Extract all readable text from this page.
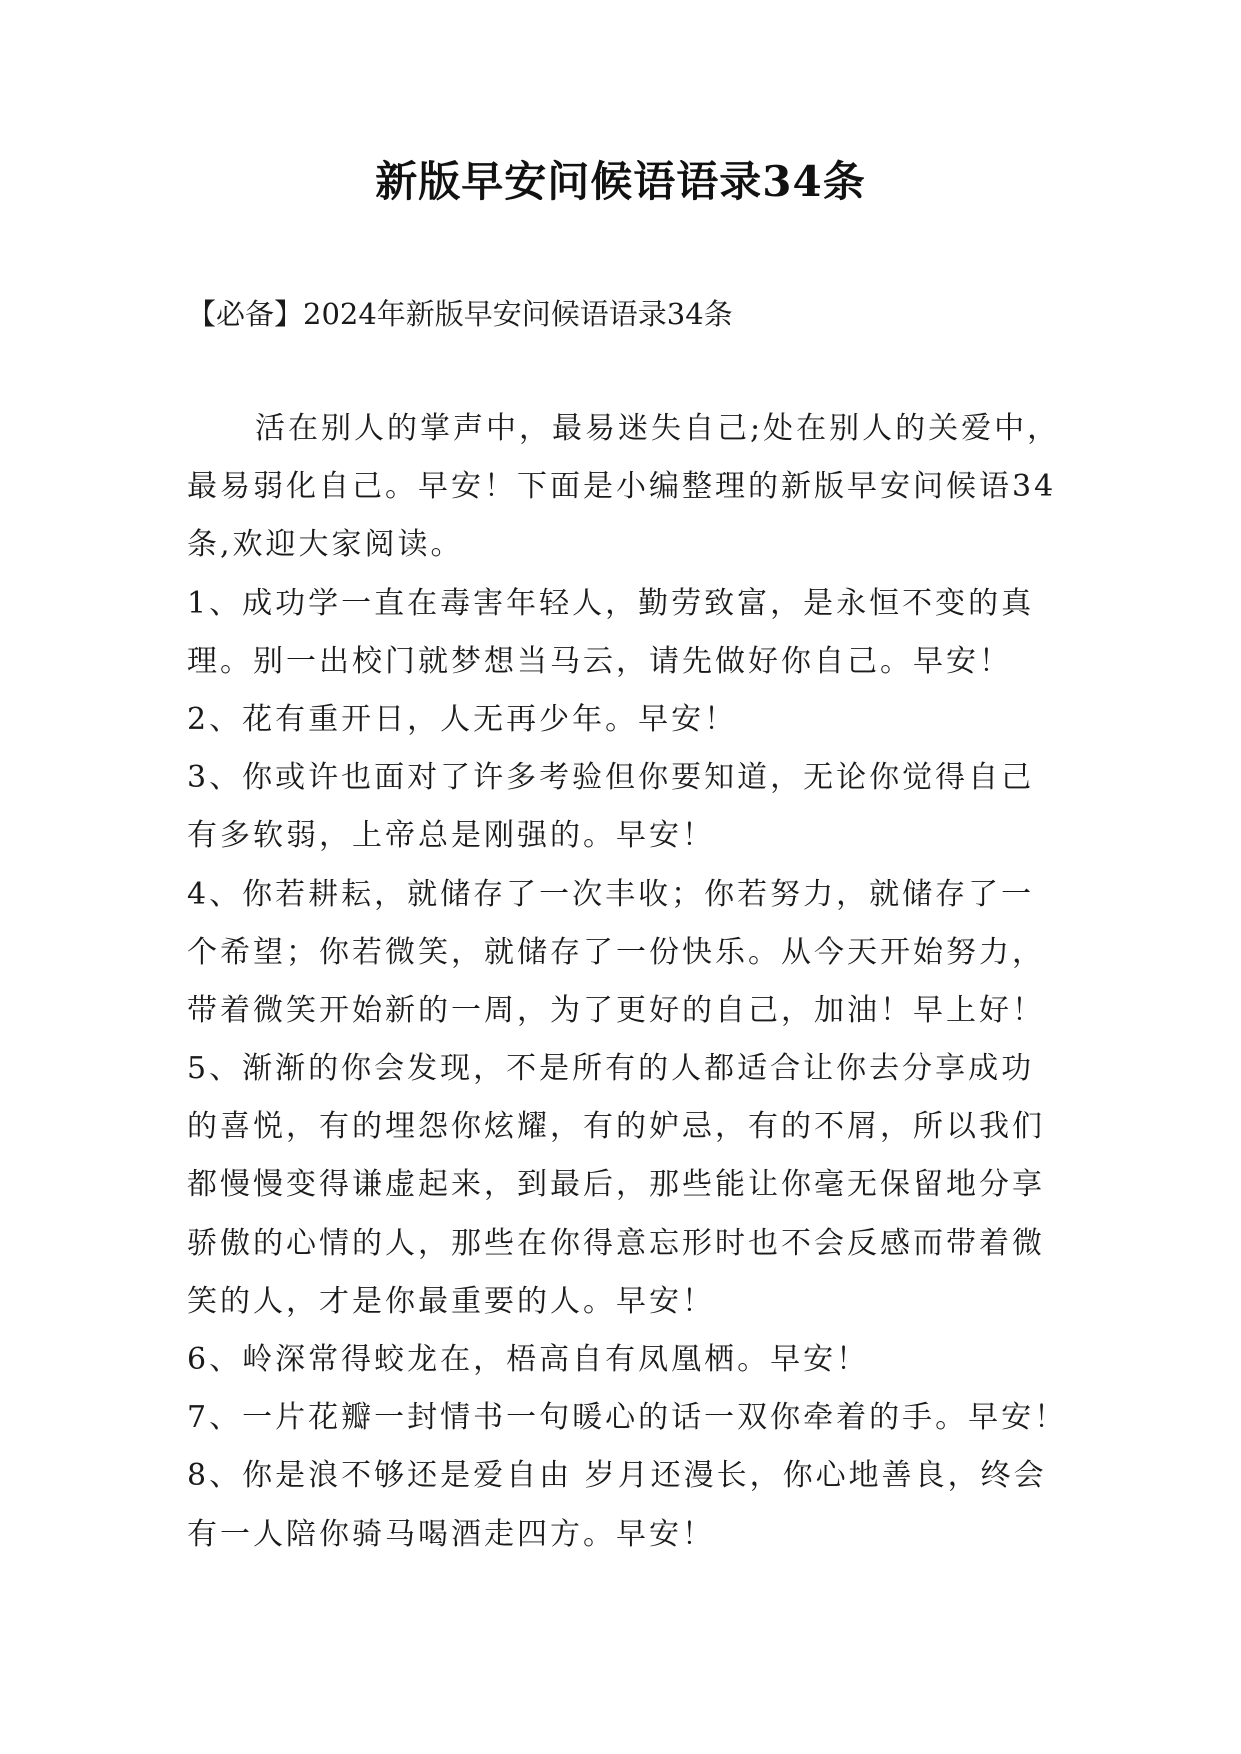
新版早安问候语语录34条

【必备】2024年新版早安问候语语录34条

活在别人的掌声中，最易迷失自己;处在别人的关爱中，
最易弱化自己。早安！下面是小编整理的新版早安问候语34
条,欢迎大家阅读。
1、成功学一直在毒害年轻人，勤劳致富，是永恒不变的真
理。别一出校门就梦想当马云，请先做好你自己。早安！
2、花有重开日，人无再少年。早安！
3、你或许也面对了许多考验但你要知道，无论你觉得自己
有多软弱，上帝总是刚强的。早安！
4、你若耕耘，就储存了一次丰收；你若努力，就储存了一
个希望；你若微笑，就储存了一份快乐。从今天开始努力，
带着微笑开始新的一周，为了更好的自己，加油！早上好！
5、渐渐的你会发现，不是所有的人都适合让你去分享成功
的喜悦，有的埋怨你炫耀，有的妒忌，有的不屑，所以我们
都慢慢变得谦虚起来，到最后，那些能让你毫无保留地分享
骄傲的心情的人，那些在你得意忘形时也不会反感而带着微
笑的人，才是你最重要的人。早安！
6、岭深常得蛟龙在，梧高自有凤凰栖。早安！
7、一片花瓣一封情书一句暖心的话一双你牵着的手。早安！
8、你是浪不够还是爱自由 岁月还漫长，你心地善良，终会
有一人陪你骑马喝酒走四方。早安！
